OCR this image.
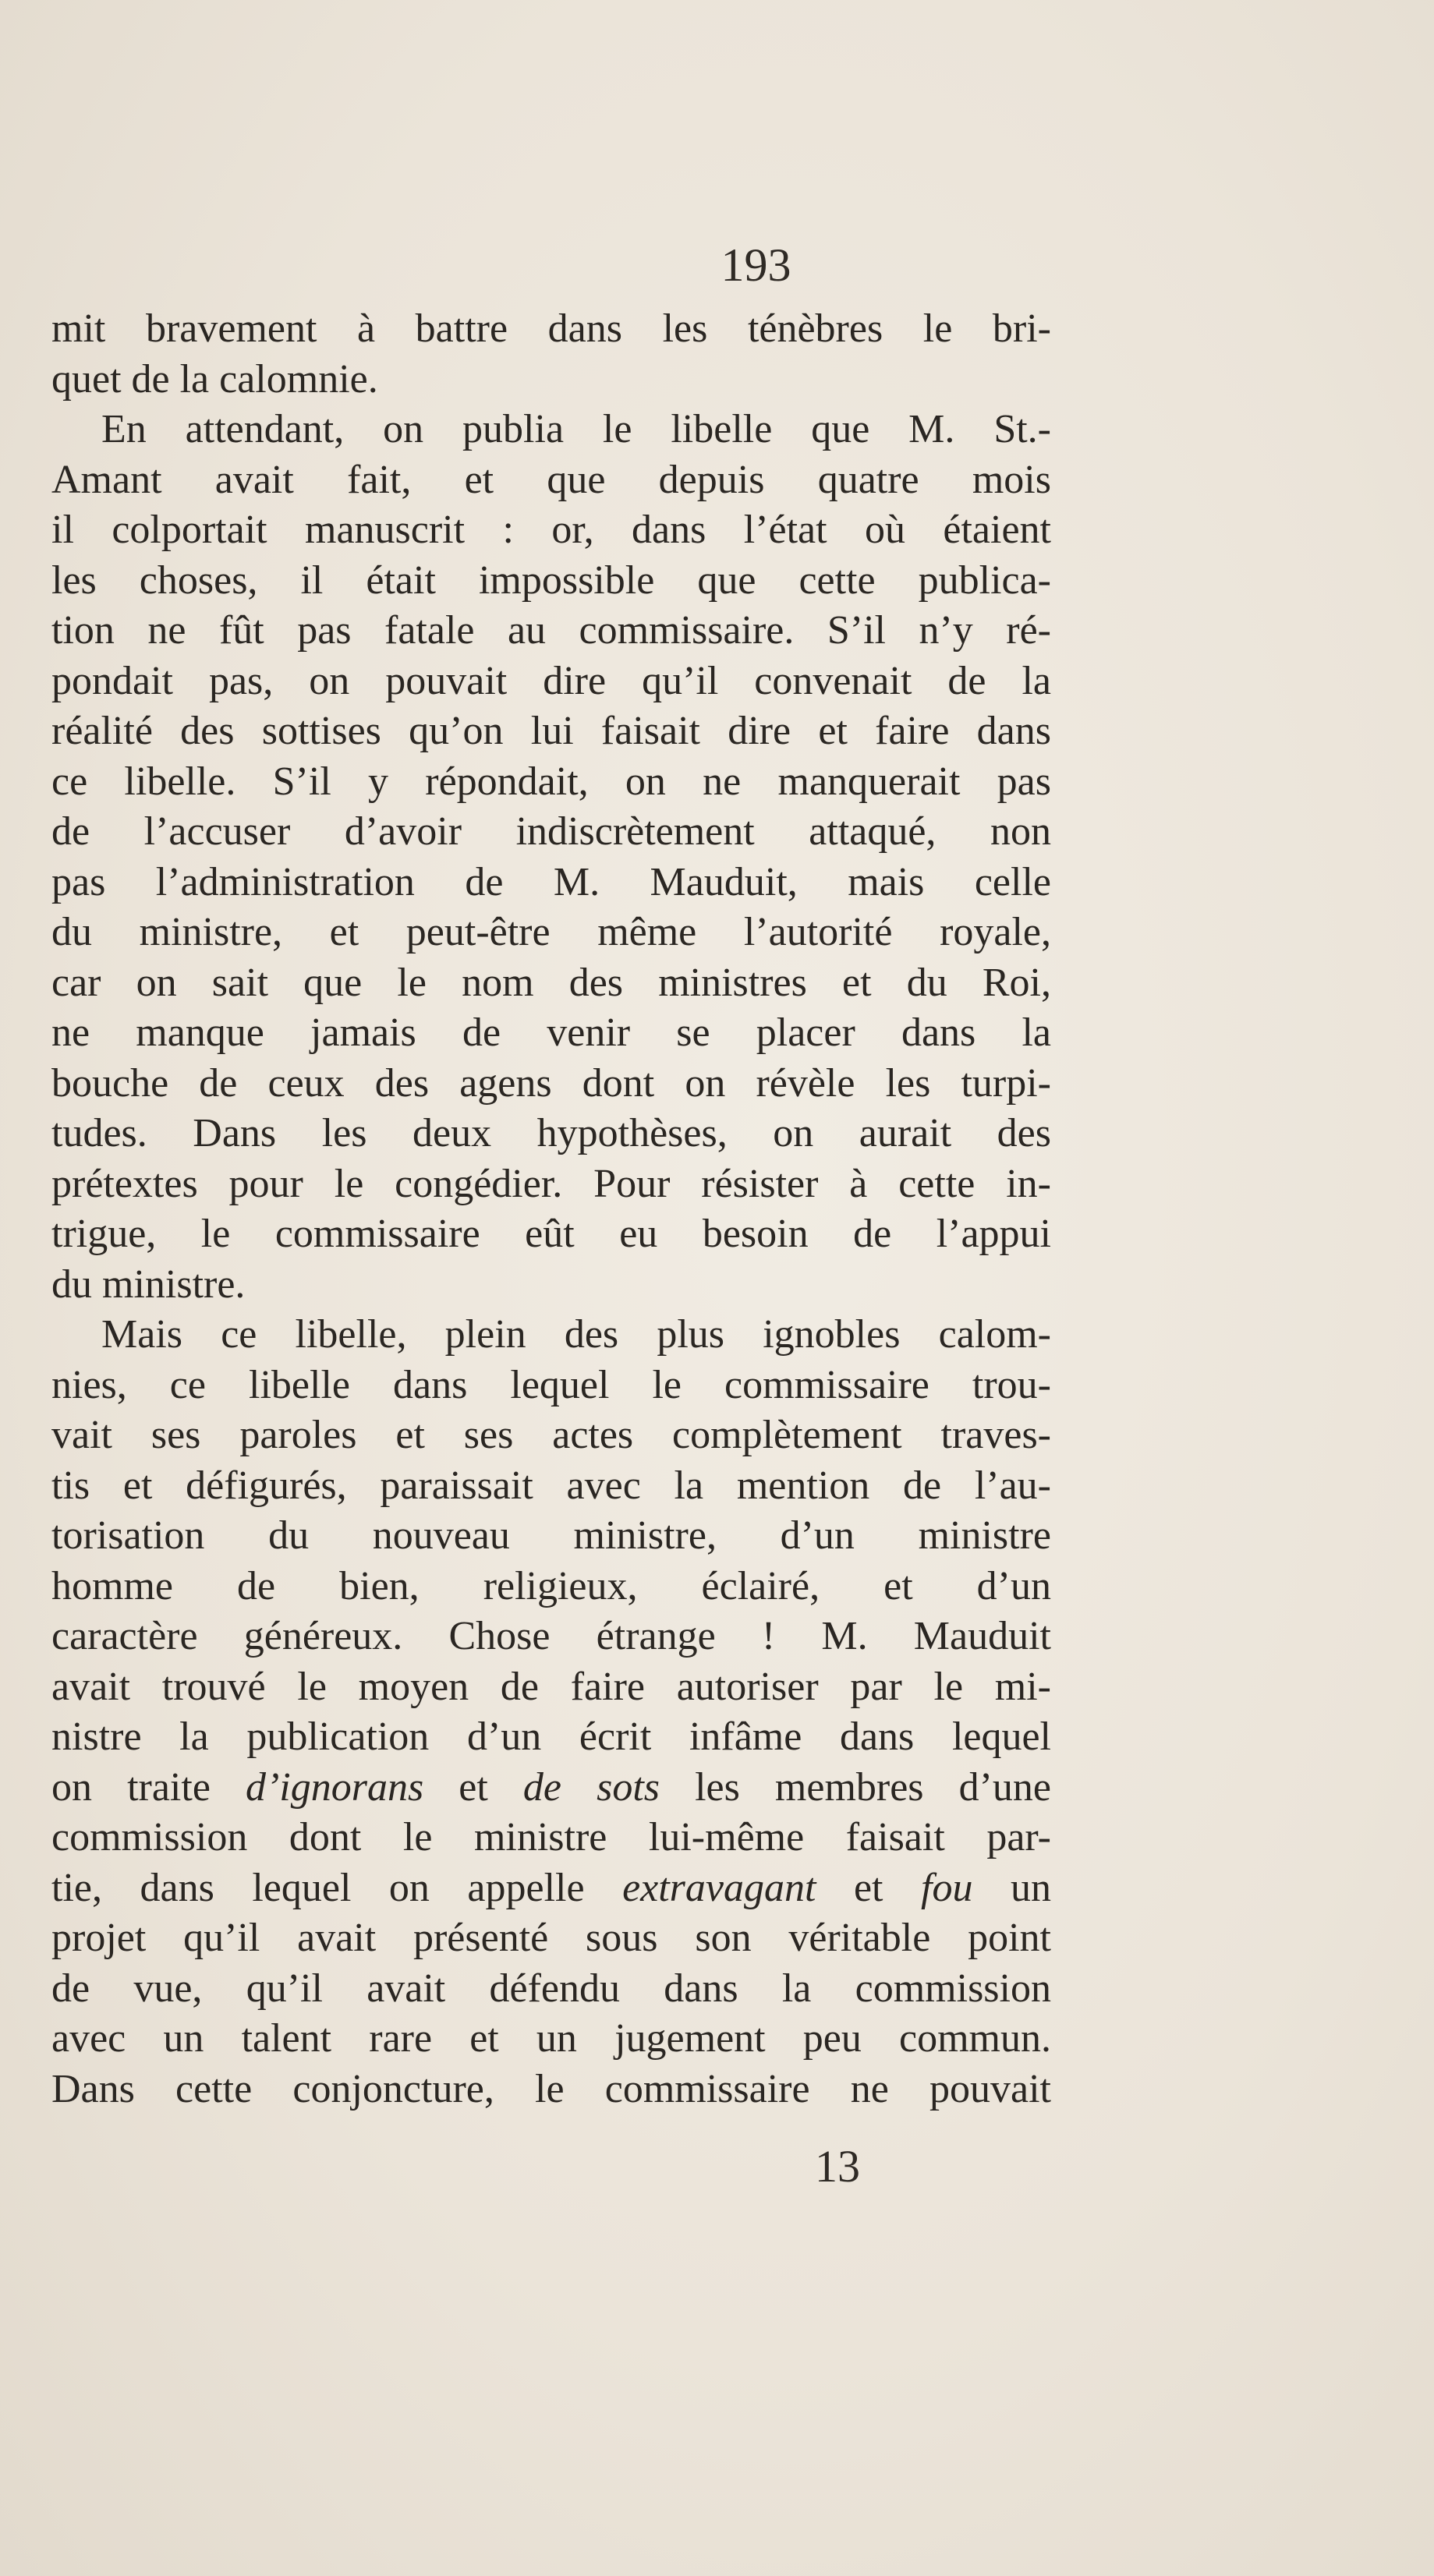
193
mit bravement à battre dans les ténèbres le bri-
quet de la calomnie.
En attendant, on publia le libelle que M. St.-
Amant avait fait, et que depuis quatre mois
il colportait manuscrit : or, dans l’état où étaient
les choses, il était impossible que cette publica-
tion ne fût pas fatale au commissaire. S’il n’y ré-
pondait pas, on pouvait dire qu’il convenait de la
réalité des sottises qu’on lui faisait dire et faire dans
ce libelle. S’il y répondait, on ne manquerait pas
de l’accuser d’avoir indiscrètement attaqué, non
pas l’administration de M. Mauduit, mais celle
du ministre, et peut-être même l’autorité royale,
car on sait que le nom des ministres et du Roi,
ne manque jamais de venir se placer dans la
bouche de ceux des agens dont on révèle les turpi-
tudes. Dans les deux hypothèses, on aurait des
prétextes pour le congédier. Pour résister à cette in-
trigue, le commissaire eût eu besoin de l’appui
du ministre.
Mais ce libelle, plein des plus ignobles calom-
nies, ce libelle dans lequel le commissaire trou-
vait ses paroles et ses actes complètement traves-
tis et défigurés, paraissait avec la mention de l’au-
torisation du nouveau ministre, d’un ministre
homme de bien, religieux, éclairé, et d’un
caractère généreux. Chose étrange ! M. Mauduit
avait trouvé le moyen de faire autoriser par le mi-
nistre la publication d’un écrit infâme dans lequel
on traite d’ignorans et de sots les membres d’une
commission dont le ministre lui-même faisait par-
tie, dans lequel on appelle extravagant et fou un
projet qu’il avait présenté sous son véritable point
de vue, qu’il avait défendu dans la commission
avec un talent rare et un jugement peu commun.
Dans cette conjoncture, le commissaire ne pouvait
13
